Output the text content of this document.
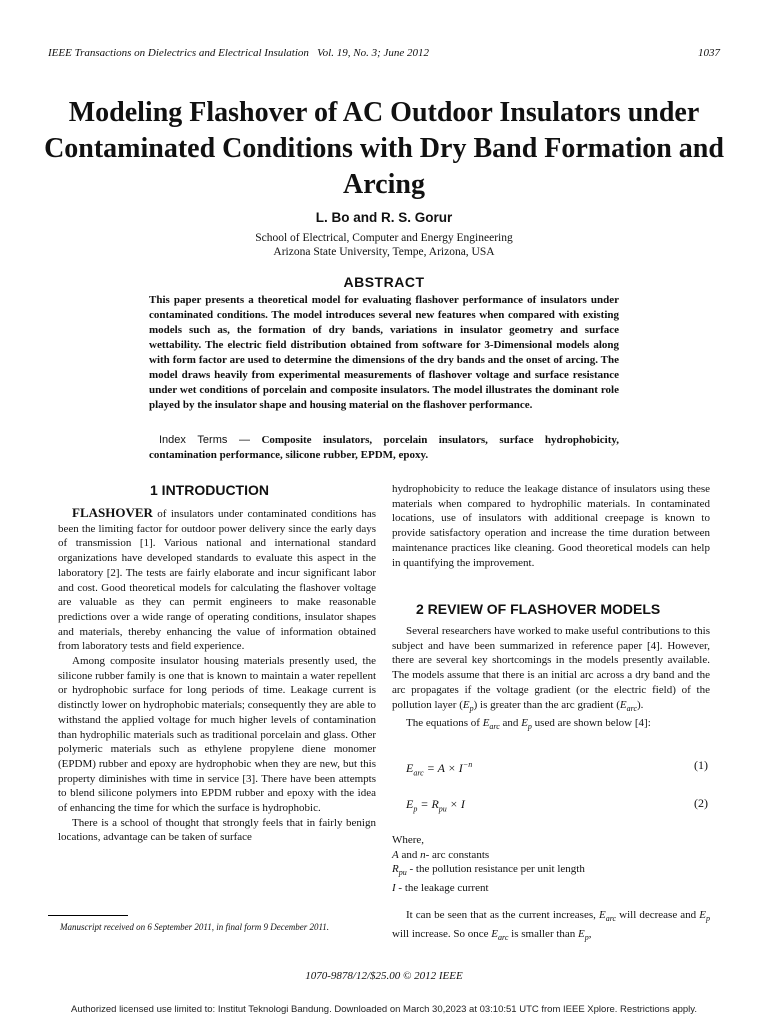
IEEE Transactions on Dielectrics and Electrical Insulation Vol. 19, No. 3; June 2012	1037
Modeling Flashover of AC Outdoor Insulators under Contaminated Conditions with Dry Band Formation and Arcing
L. Bo and R. S. Gorur
School of Electrical, Computer and Energy Engineering
Arizona State University, Tempe, Arizona, USA
ABSTRACT
This paper presents a theoretical model for evaluating flashover performance of insulators under contaminated conditions. The model introduces several new features when compared with existing models such as, the formation of dry bands, variations in insulator geometry and surface wettability. The electric field distribution obtained from software for 3-Dimensional models along with form factor are used to determine the dimensions of the dry bands and the onset of arcing. The model draws heavily from experimental measurements of flashover voltage and surface resistance under wet conditions of porcelain and composite insulators. The model illustrates the dominant role played by the insulator shape and housing material on the flashover performance.
Index Terms — Composite insulators, porcelain insulators, surface hydrophobicity, contamination performance, silicone rubber, EPDM, epoxy.
1 INTRODUCTION

FLASHOVER of insulators under contaminated conditions has been the limiting factor for outdoor power delivery since the early days of transmission [1]. Various national and international standard organizations have developed standards to evaluate this aspect in the laboratory [2]. The tests are fairly elaborate and incur significant labor and cost. Good theoretical models for calculating the flashover voltage are valuable as they can permit engineers to make reasonable predictions over a wide range of operating conditions, insulator shapes and materials, thereby enhancing the value of information obtained from laboratory tests and field experience.

Among composite insulator housing materials presently used, the silicone rubber family is one that is known to maintain a water repellent or hydrophobic surface for long periods of time. Leakage current is distinctly lower on hydrophobic materials; consequently they are able to withstand the applied voltage for much higher levels of contamination than hydrophilic materials such as traditional porcelain and glass. Other polymeric materials such as ethylene propylene diene monomer (EPDM) rubber and epoxy are hydrophobic when they are new, but this property diminishes with time in service [3]. There have been attempts to blend silicone polymers into EPDM rubber and epoxy with the idea of enhancing the time for which the surface is hydrophobic.

There is a school of thought that strongly feels that in fairly benign locations, advantage can be taken of surface

Manuscript received on 6 September 2011, in final form 9 December 2011.

hydrophobicity to reduce the leakage distance of insulators using these materials when compared to hydrophilic materials. In contaminated locations, use of insulators with additional creepage is known to provide satisfactory operation and increase the time duration between maintenance practices like cleaning. Good theoretical models can help in quantifying the improvement.

2 REVIEW OF FLASHOVER MODELS

Several researchers have worked to make useful contributions to this subject and have been summarized in reference paper [4]. However, there are several key shortcomings in the models presently available. The models assume that there is an initial arc across a dry band and the arc propagates if the voltage gradient (or the electric field) of the pollution layer $(E_p)$ is greater than the arc gradient $(E_{arc})$.

The equations of $E_{arc}$ and $E_p$ used are shown below [4]:

$E_{arc} = A \times I^{-n}$	(1)
$E_p = R_{pu} \times I$	(2)

Where,

A and n- arc constants

$R_{pu}$ - the pollution resistance per unit length

I - the leakage current

It can be seen that as the current increases, $E_{arc}$ will decrease and $E_p$ will increase. So once $E_{arc}$ is smaller than $E_p$,

1070-9878/12/$25.00 © 2012 IEEE
Authorized licensed use limited to: Institut Teknologi Bandung. Downloaded on March 30,2023 at 03:10:51 UTC from IEEE Xplore. Restrictions apply.
